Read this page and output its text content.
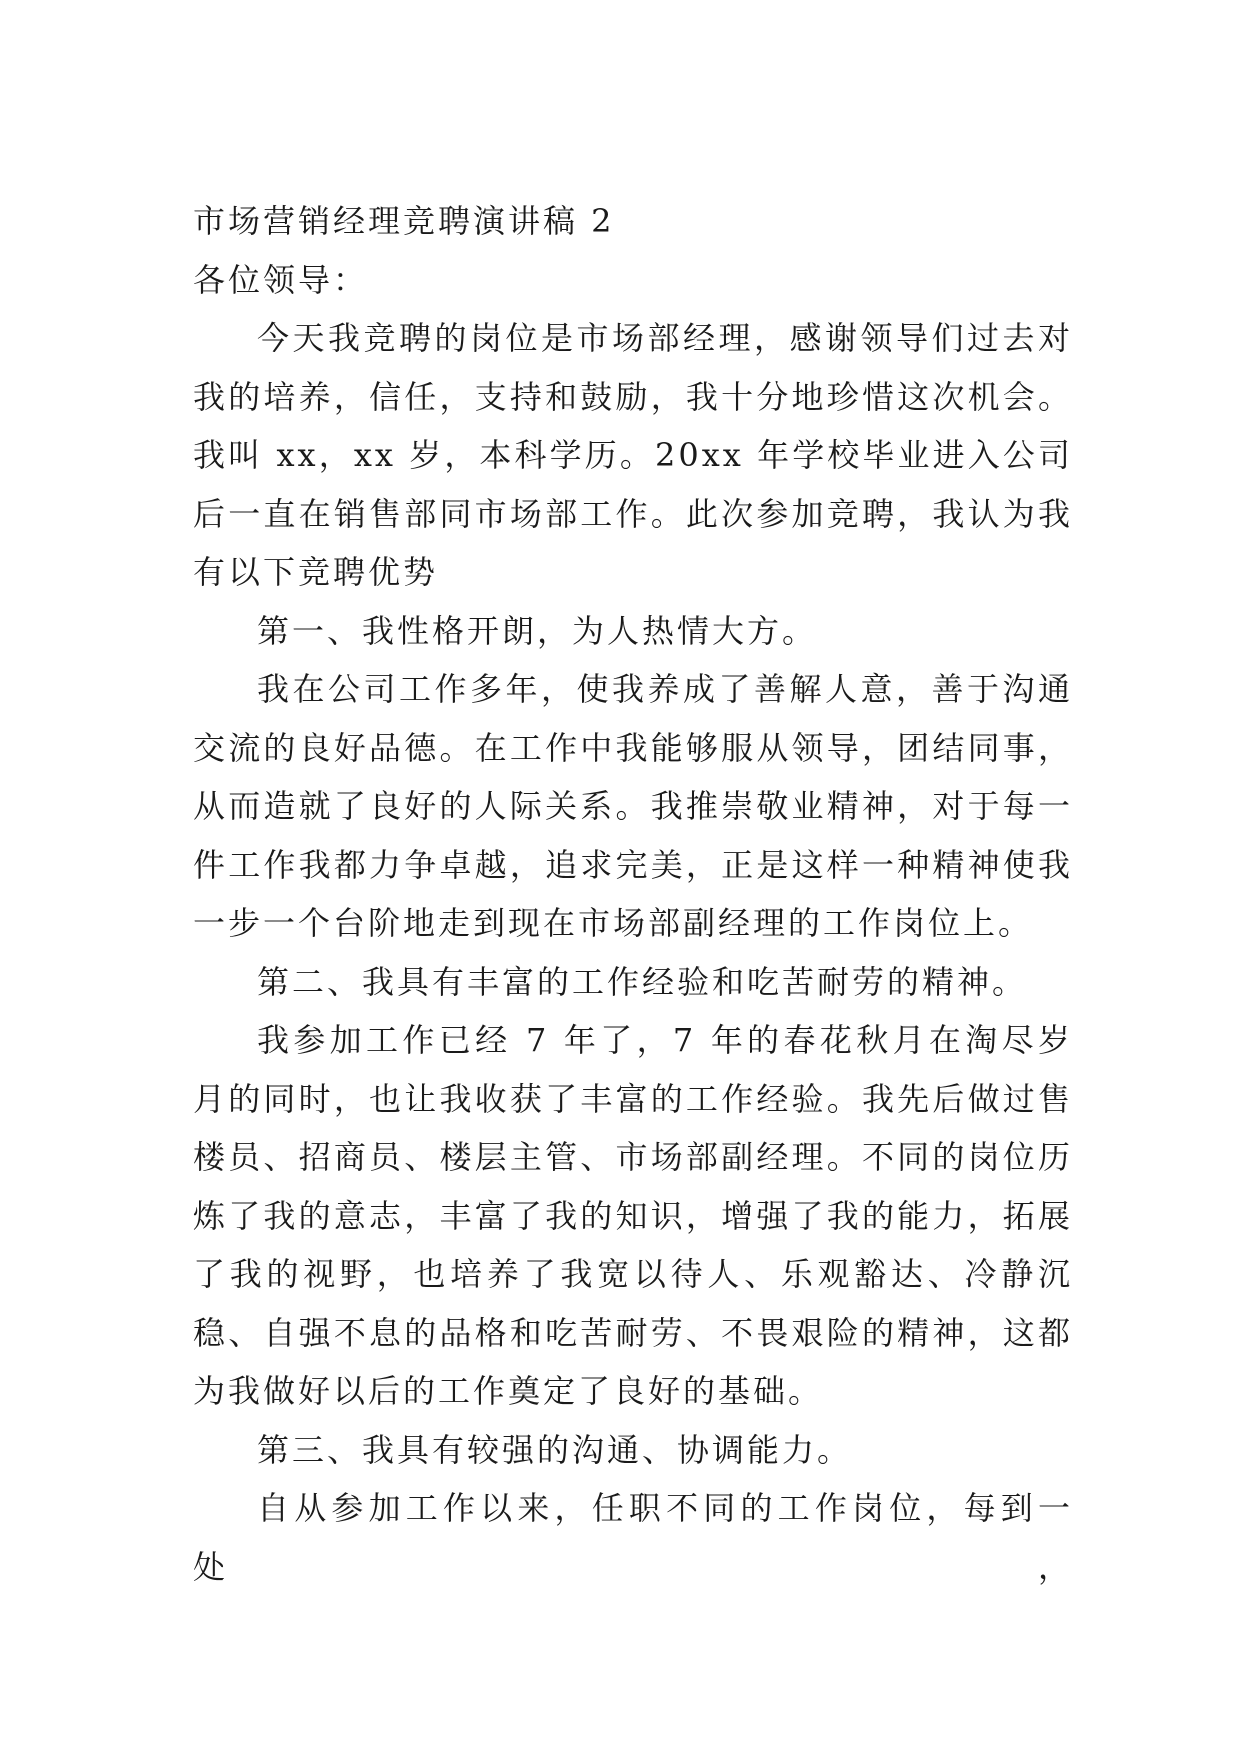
市场营销经理竞聘演讲稿 2

各位领导：

今天我竞聘的岗位是市场部经理，感谢领导们过去对我的培养，信任，支持和鼓励，我十分地珍惜这次机会。我叫 xx，xx 岁，本科学历。20xx 年学校毕业进入公司后一直在销售部同市场部工作。此次参加竞聘，我认为我有以下竞聘优势

第一、我性格开朗，为人热情大方。

我在公司工作多年，使我养成了善解人意，善于沟通交流的良好品德。在工作中我能够服从领导，团结同事，从而造就了良好的人际关系。我推崇敬业精神，对于每一件工作我都力争卓越，追求完美，正是这样一种精神使我一步一个台阶地走到现在市场部副经理的工作岗位上。

第二、我具有丰富的工作经验和吃苦耐劳的精神。

我参加工作已经 7 年了，7 年的春花秋月在淘尽岁月的同时，也让我收获了丰富的工作经验。我先后做过售楼员、招商员、楼层主管、市场部副经理。不同的岗位历炼了我的意志，丰富了我的知识，增强了我的能力，拓展了我的视野，也培养了我宽以待人、乐观豁达、冷静沉稳、自强不息的品格和吃苦耐劳、不畏艰险的精神，这都为我做好以后的工作奠定了良好的基础。

第三、我具有较强的沟通、协调能力。

自从参加工作以来，任职不同的工作岗位，每到一处，
